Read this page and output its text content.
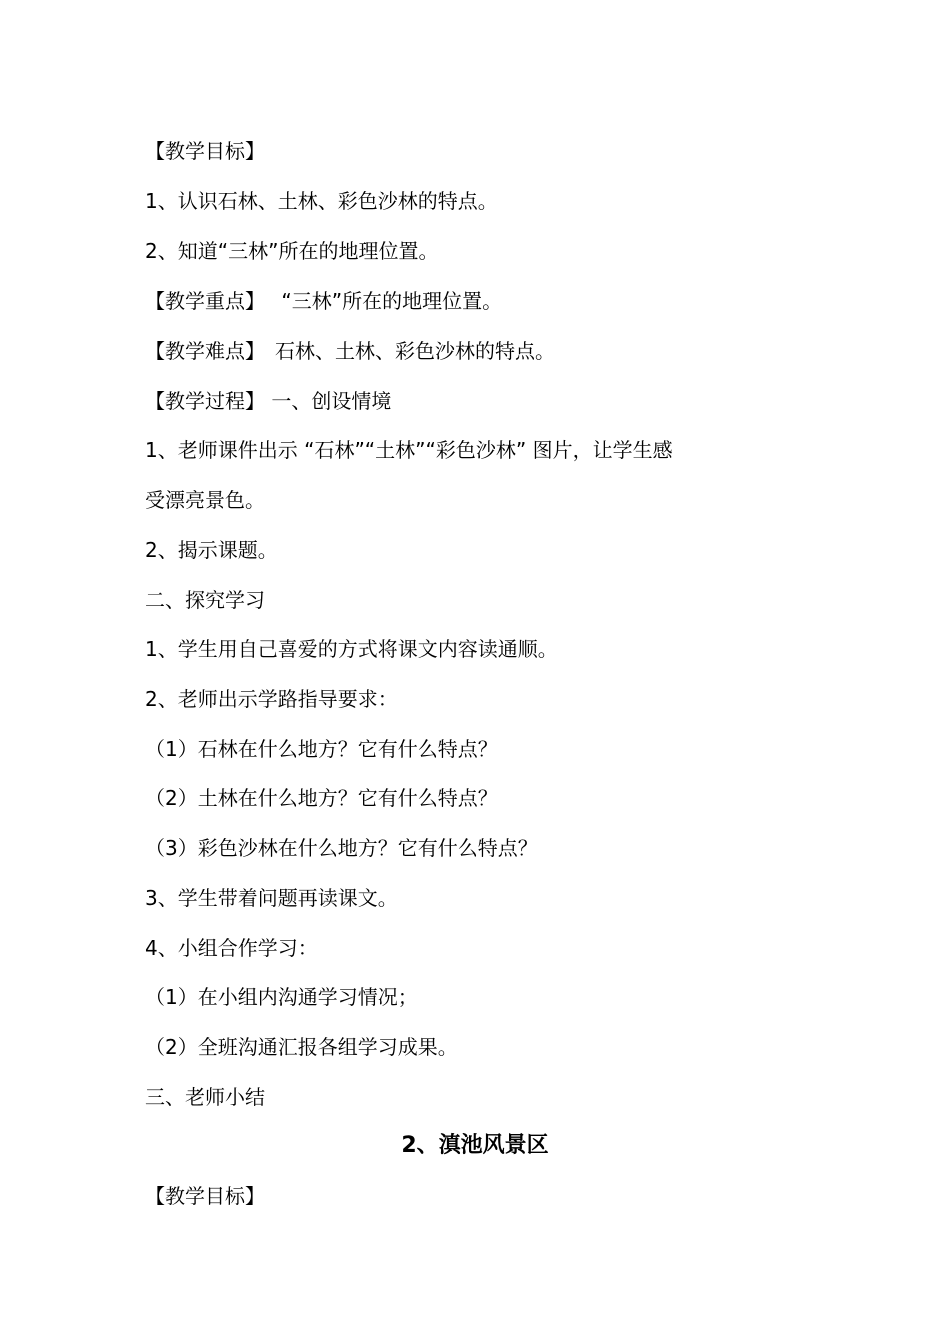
【教学目标】
1、认识石林、土林、彩色沙林的特点。
2、知道“三林”所在的地理位置。
【教学重点】　 “三林”所在的地理位置。
【教学难点】　石林、土林、彩色沙林的特点。
【教学过程】 一、创设情境
1、老师课件出示 “石林”“土林”“彩色沙林” 图片，让学生感
受漂亮景色。
2、揭示课题。
二、探究学习
1、学生用自己喜爱的方式将课文内容读通顺。
2、老师出示学路指导要求：
（1）石林在什么地方？它有什么特点？
（2）土林在什么地方？它有什么特点？
（3）彩色沙林在什么地方？它有什么特点？
3、学生带着问题再读课文。
4、小组合作学习：
（1）在小组内沟通学习情况；
（2）全班沟通汇报各组学习成果。
三、老师小结
2、滇池风景区
【教学目标】
